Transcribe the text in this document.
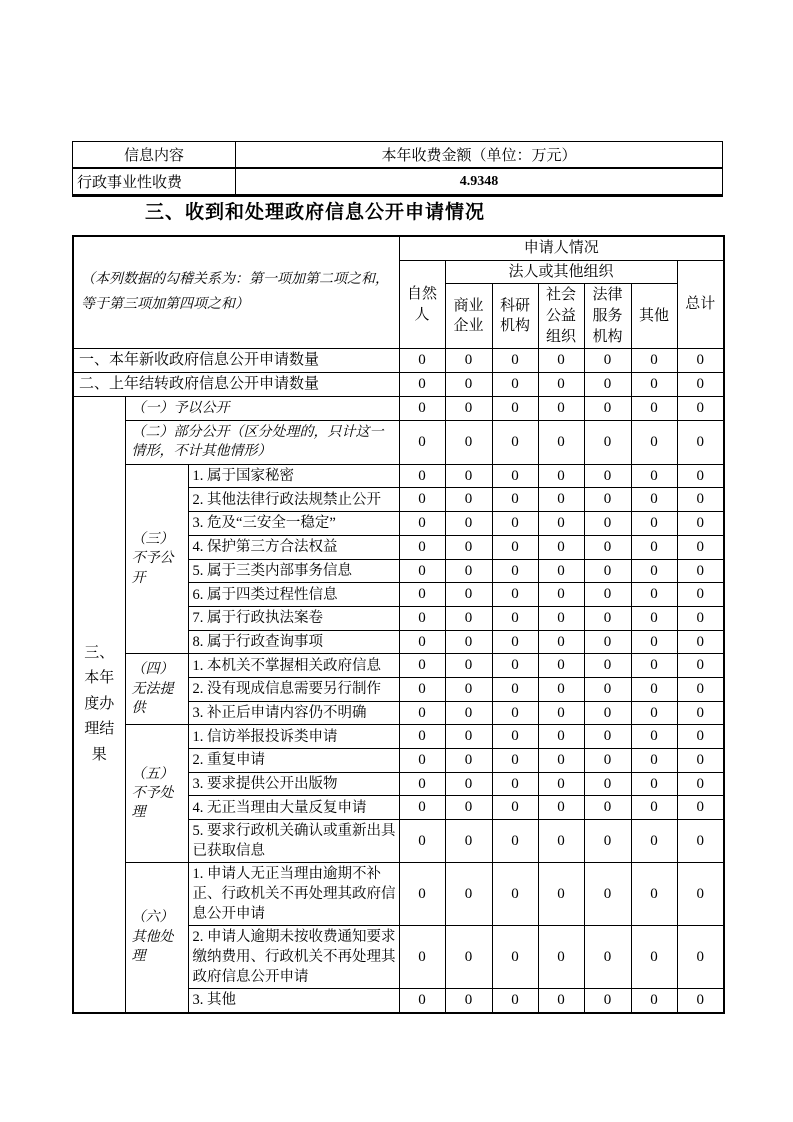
信息内容	本年收费金额（单位：万元）
行政事业性收费	4.9348
三、收到和处理政府信息公开申请情况
（本列数据的勾稽关系为：第一项加第二项之和，等于第三项加第四项之和）			申请人情况						
			自然人	法人或其他组织					总计
				商业企业	科研机构	社会公益组织	法律服务机构	其他	
一、本年新收政府信息公开申请数量			0	0	0	0	0	0	0
二、上年结转政府信息公开申请数量			0	0	0	0	0	0	0
三、本年度办理结果	（一）予以公开		0	0	0	0	0	0	0
	（二）部分公开（区分处理的，只计这一情形，不计其他情形）		0	0	0	0	0	0	0
	（三）不予公开	1. 属于国家秘密	0	0	0	0	0	0	0
		2. 其他法律行政法规禁止公开	0	0	0	0	0	0	0
		3. 危及“三安全一稳定”	0	0	0	0	0	0	0
		4. 保护第三方合法权益	0	0	0	0	0	0	0
		5. 属于三类内部事务信息	0	0	0	0	0	0	0
		6. 属于四类过程性信息	0	0	0	0	0	0	0
		7. 属于行政执法案卷	0	0	0	0	0	0	0
		8. 属于行政查询事项	0	0	0	0	0	0	0
	（四）无法提供	1. 本机关不掌握相关政府信息	0	0	0	0	0	0	0
		2. 没有现成信息需要另行制作	0	0	0	0	0	0	0
		3. 补正后申请内容仍不明确	0	0	0	0	0	0	0
	（五）不予处理	1. 信访举报投诉类申请	0	0	0	0	0	0	0
		2. 重复申请	0	0	0	0	0	0	0
		3. 要求提供公开出版物	0	0	0	0	0	0	0
		4. 无正当理由大量反复申请	0	0	0	0	0	0	0
		5. 要求行政机关确认或重新出具已获取信息	0	0	0	0	0	0	0
	（六）其他处理	1. 申请人无正当理由逾期不补正、行政机关不再处理其政府信息公开申请	0	0	0	0	0	0	0
		2. 申请人逾期未按收费通知要求缴纳费用、行政机关不再处理其政府信息公开申请	0	0	0	0	0	0	0
		3. 其他	0	0	0	0	0	0	0
